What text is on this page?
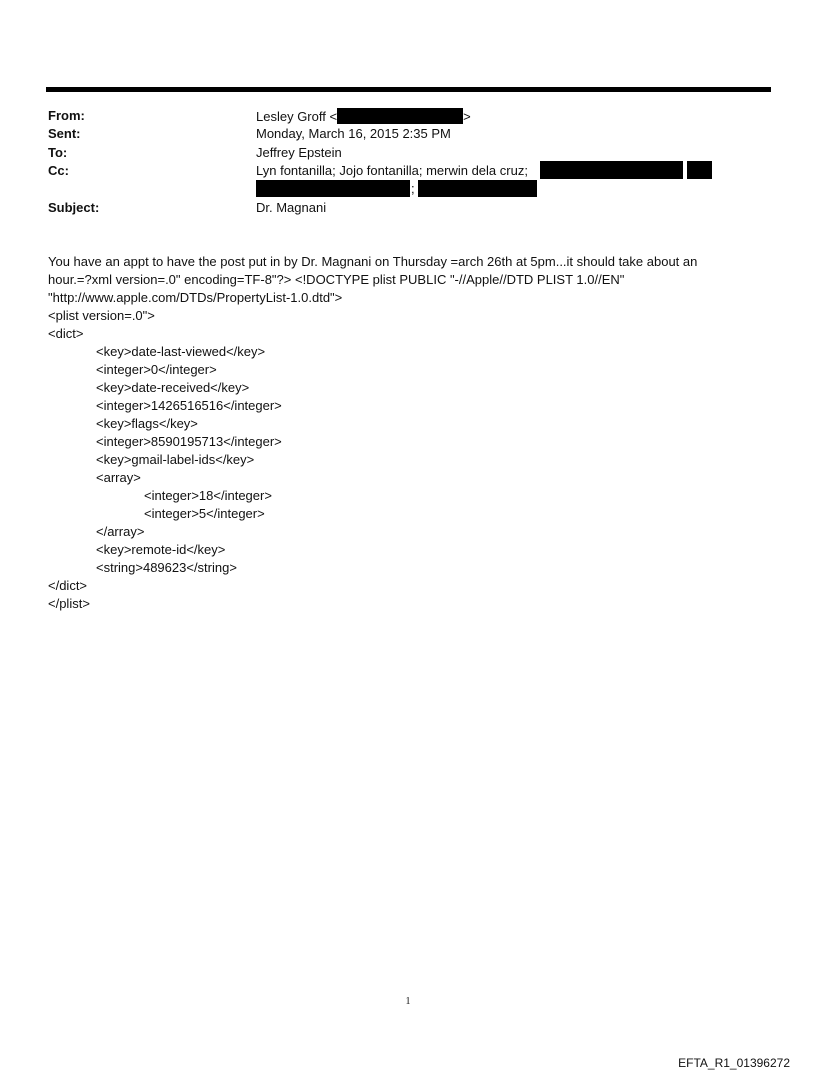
From:	Lesley Groff <	>
Sent:	Monday, March 16, 2015 2:35 PM
To:	Jeffrey Epstein
Cc:	Lyn fontanilla; Jojo fontanilla; merwin dela cruz;
;
Subject:	Dr. Magnani
You have an appt to have the post put in by Dr. Magnani on Thursday =arch 26th at 5pm...it should take about an
hour.=?xml version=.0" encoding=TF-8"?> <!DOCTYPE plist PUBLIC "-//Apple//DTD PLIST 1.0//EN"
"http://www.apple.com/DTDs/PropertyList-1.0.dtd">
<plist version=.0">
<dict>
<key>date-last-viewed</key>
<integer>0</integer>
<key>date-received</key>
<integer>1426516516</integer>
<key>flags</key>
<integer>8590195713</integer>
<key>gmail-label-ids</key>
<array>
<integer>18</integer>
<integer>5</integer>
</array>
<key>remote-id</key>
<string>489623</string>
</dict>
</plist>
1
EFTA_R1_01396272
